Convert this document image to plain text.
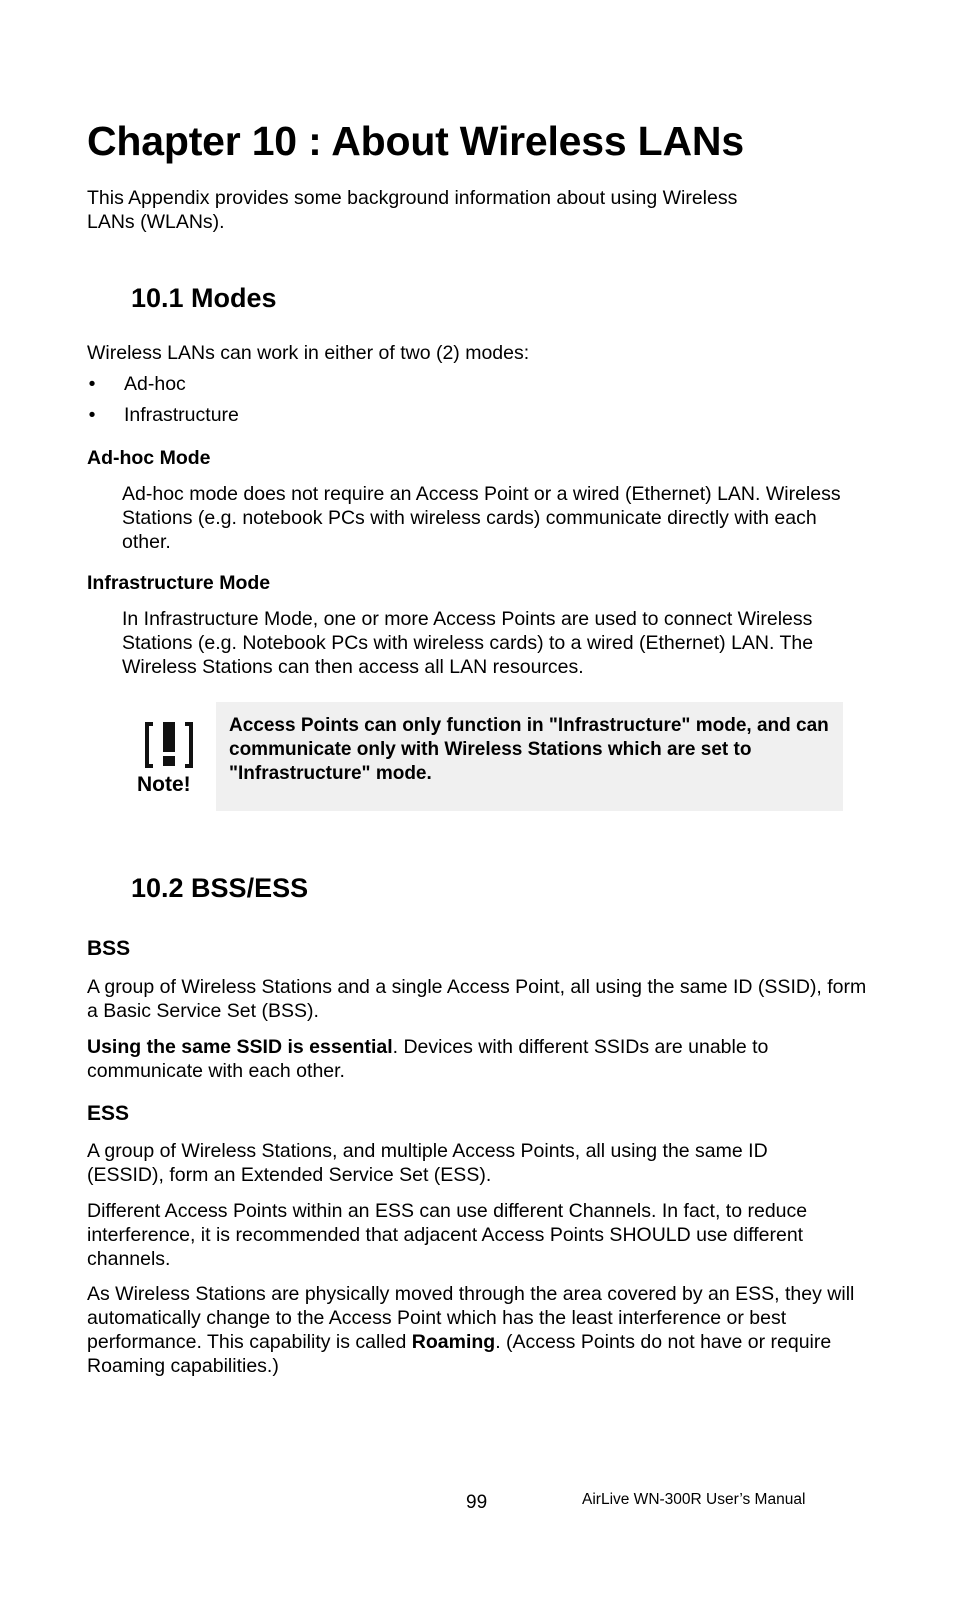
Chapter 10 : About Wireless LANs
This Appendix provides some background information about using Wireless LANs (WLANs).
10.1 Modes
Wireless LANs can work in either of two (2) modes:
• Ad-hoc
• Infrastructure
Ad-hoc Mode
Ad-hoc mode does not require an Access Point or a wired (Ethernet) LAN. Wireless Stations (e.g. notebook PCs with wireless cards) communicate directly with each other.
Infrastructure Mode
In Infrastructure Mode, one or more Access Points are used to connect Wireless Stations (e.g. Notebook PCs with wireless cards) to a wired (Ethernet) LAN. The Wireless Stations can then access all LAN resources.
Note!
Access Points can only function in "Infrastructure" mode, and can communicate only with Wireless Stations which are set to "Infrastructure" mode.
10.2 BSS/ESS
BSS
A group of Wireless Stations and a single Access Point, all using the same ID (SSID), form a Basic Service Set (BSS).
Using the same SSID is essential. Devices with different SSIDs are unable to communicate with each other.
ESS
A group of Wireless Stations, and multiple Access Points, all using the same ID (ESSID), form an Extended Service Set (ESS).
Different Access Points within an ESS can use different Channels. In fact, to reduce interference, it is recommended that adjacent Access Points SHOULD use different channels.
As Wireless Stations are physically moved through the area covered by an ESS, they will automatically change to the Access Point which has the least interference or best performance. This capability is called Roaming. (Access Points do not have or require Roaming capabilities.)
99	AirLive WN-300R User’s Manual
